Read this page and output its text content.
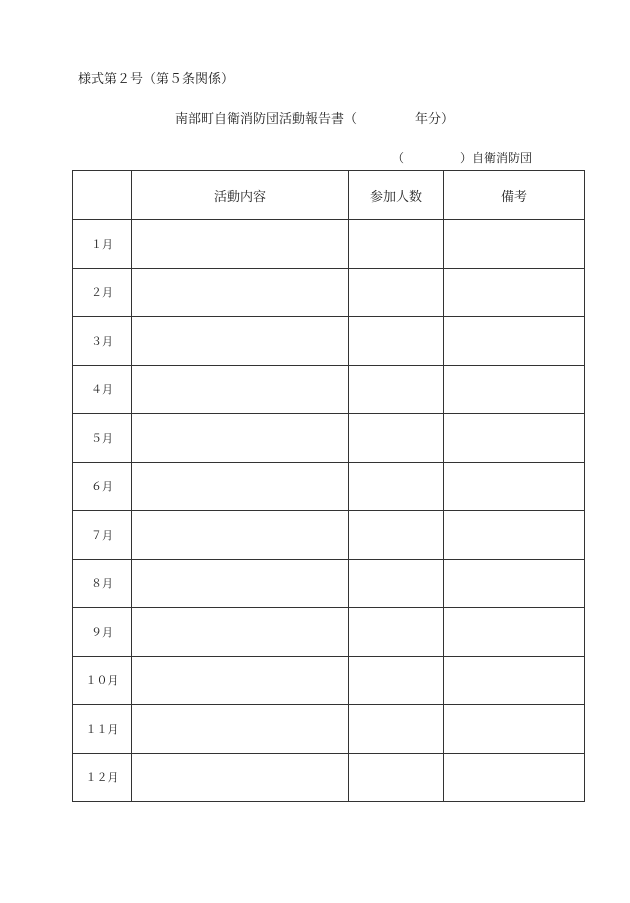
様式第２号（第５条関係）
南部町自衛消防団活動報告書（	年分）
（	）自衛消防団
	活動内容	参加人数	備考
１月			
２月			
３月			
４月			
５月			
６月			
７月			
８月			
９月			
１０月			
１１月			
１２月			
